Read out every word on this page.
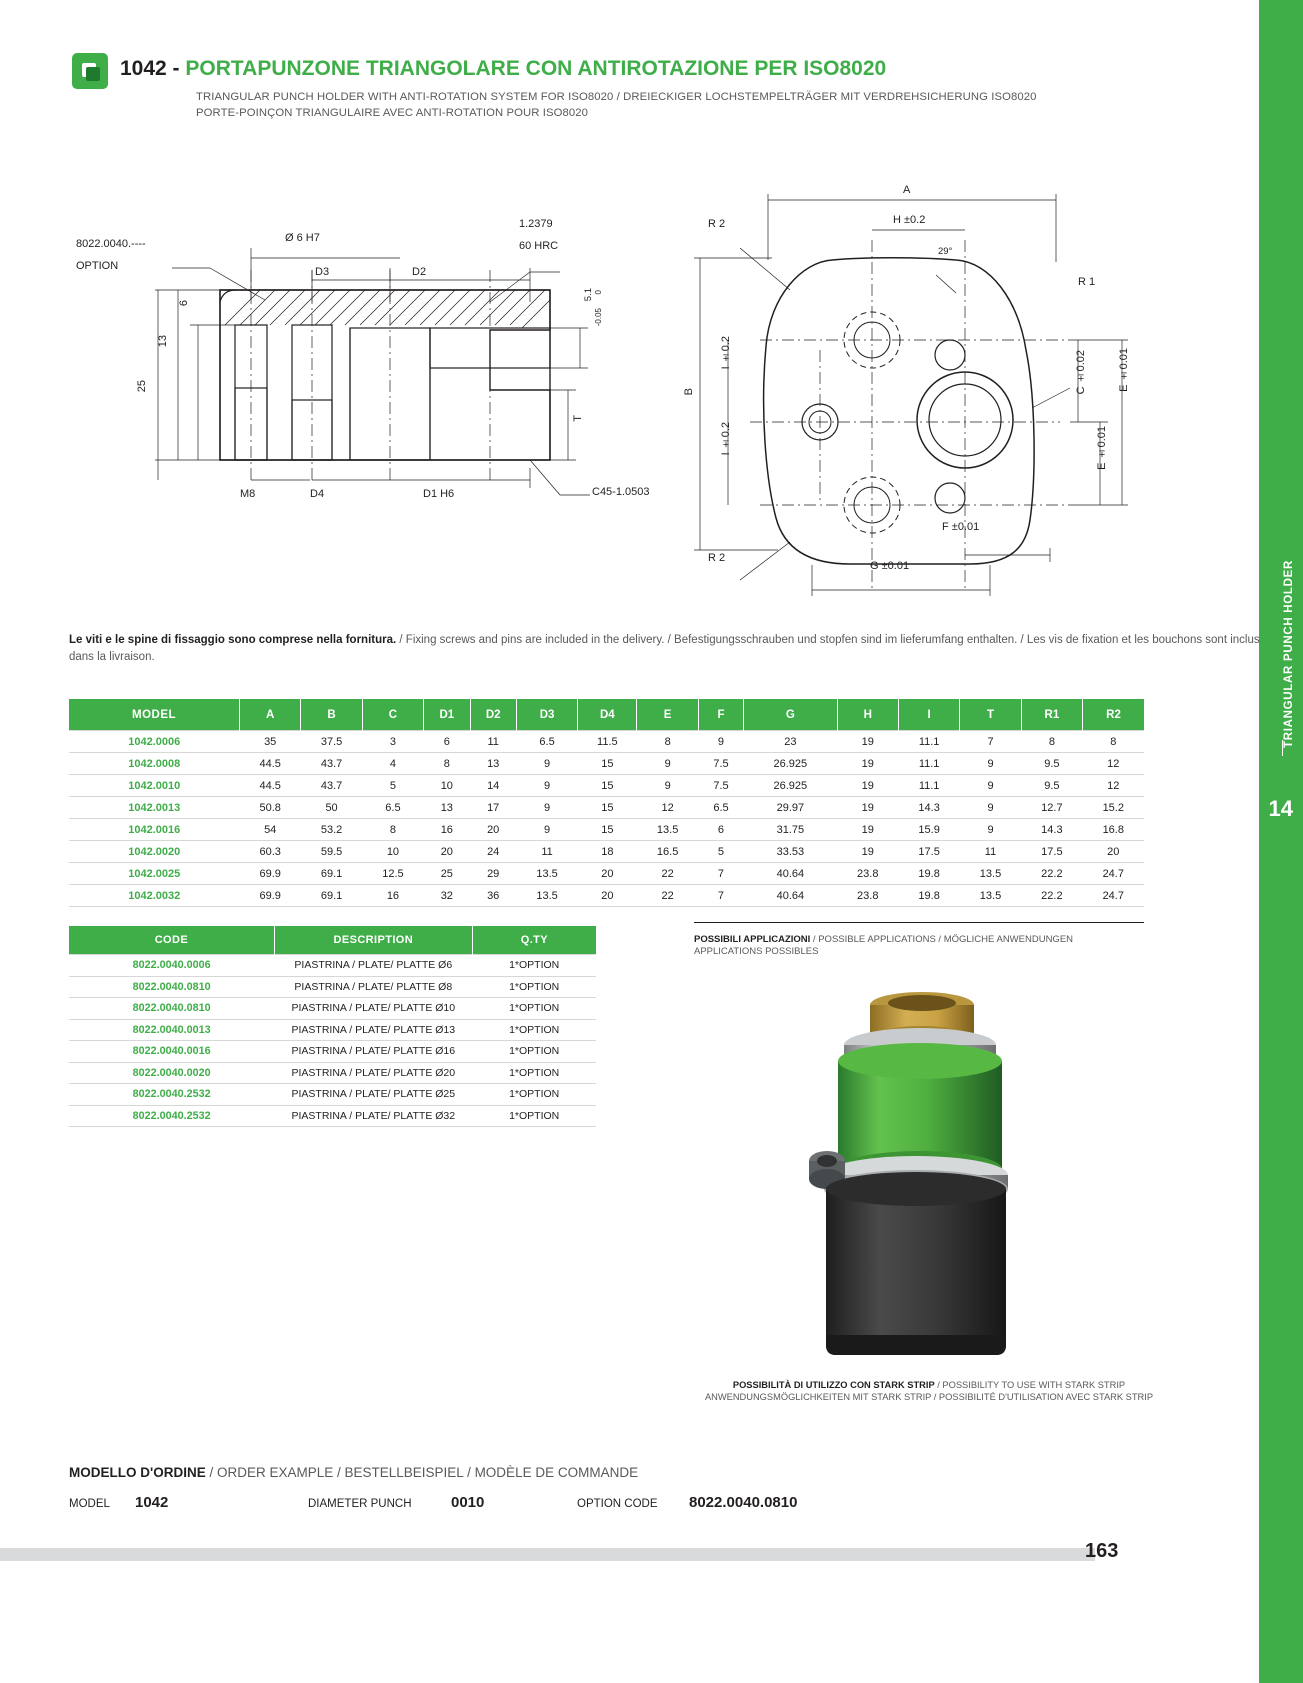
TRIANGULAR PUNCH HOLDER
14
1042 - PORTAPUNZONE TRIANGOLARE CON ANTIROTAZIONE PER ISO8020
TRIANGULAR PUNCH HOLDER WITH ANTI-ROTATION SYSTEM FOR ISO8020 / DREIECKIGER LOCHSTEMPELTRÄGER MIT VERDREHSICHERUNG ISO8020
PORTE-POINÇON TRIANGULAIRE AVEC ANTI-ROTATION POUR ISO8020
8022.0040.----
OPTION
Ø 6 H7
D3	D2
1.2379
60 HRC
5.1 0
-0.05
6
13
25
T
M8	D4	D1 H6	C45-1.0503
A
H ±0.2
R 2
R 2
R 1
29°
B
I ±0.2
I ±0.2
C ±0.02	E ±0.01
E ±0.01
F ±0.01
G ±0.01
Le viti e le spine di fissaggio sono comprese nella fornitura. / Fixing screws and pins are included in the delivery. / Befestigungsschrauben und stopfen sind im lieferumfang enthalten. / Les vis de fixation et les bouchons sont inclus dans la livraison.
MODEL	A	B	C	D1	D2	D3	D4	E	F	G	H	I	T	R1	R2
1042.0006	35	37.5	3	6	11	6.5	11.5	8	9	23	19	11.1	7	8	8
1042.0008	44.5	43.7	4	8	13	9	15	9	7.5	26.925	19	11.1	9	9.5	12
1042.0010	44.5	43.7	5	10	14	9	15	9	7.5	26.925	19	11.1	9	9.5	12
1042.0013	50.8	50	6.5	13	17	9	15	12	6.5	29.97	19	14.3	9	12.7	15.2
1042.0016	54	53.2	8	16	20	9	15	13.5	6	31.75	19	15.9	9	14.3	16.8
1042.0020	60.3	59.5	10	20	24	11	18	16.5	5	33.53	19	17.5	11	17.5	20
1042.0025	69.9	69.1	12.5	25	29	13.5	20	22	7	40.64	23.8	19.8	13.5	22.2	24.7
1042.0032	69.9	69.1	16	32	36	13.5	20	22	7	40.64	23.8	19.8	13.5	22.2	24.7
CODE	DESCRIPTION	Q.TY
8022.0040.0006	PIASTRINA / PLATE/ PLATTE Ø6	1*OPTION
8022.0040.0810	PIASTRINA / PLATE/ PLATTE Ø8	1*OPTION
8022.0040.0810	PIASTRINA / PLATE/ PLATTE Ø10	1*OPTION
8022.0040.0013	PIASTRINA / PLATE/ PLATTE Ø13	1*OPTION
8022.0040.0016	PIASTRINA / PLATE/ PLATTE Ø16	1*OPTION
8022.0040.0020	PIASTRINA / PLATE/ PLATTE Ø20	1*OPTION
8022.0040.2532	PIASTRINA / PLATE/ PLATTE Ø25	1*OPTION
8022.0040.2532	PIASTRINA / PLATE/ PLATTE Ø32	1*OPTION
POSSIBILI APPLICAZIONI / POSSIBLE APPLICATIONS / MÖGLICHE ANWENDUNGEN
APPLICATIONS POSSIBLES
POSSIBILITÀ DI UTILIZZO CON STARK STRIP / POSSIBILITY TO USE WITH STARK STRIP
ANWENDUNGSMÖGLICHKEITEN MIT STARK STRIP / POSSIBILITÉ D'UTILISATION AVEC STARK STRIP
MODELLO D'ORDINE / ORDER EXAMPLE / BESTELLBEISPIEL / MODÈLE DE COMMANDE
MODEL 1042	DIAMETER PUNCH	0010	OPTION CODE 8022.0040.0810
163
